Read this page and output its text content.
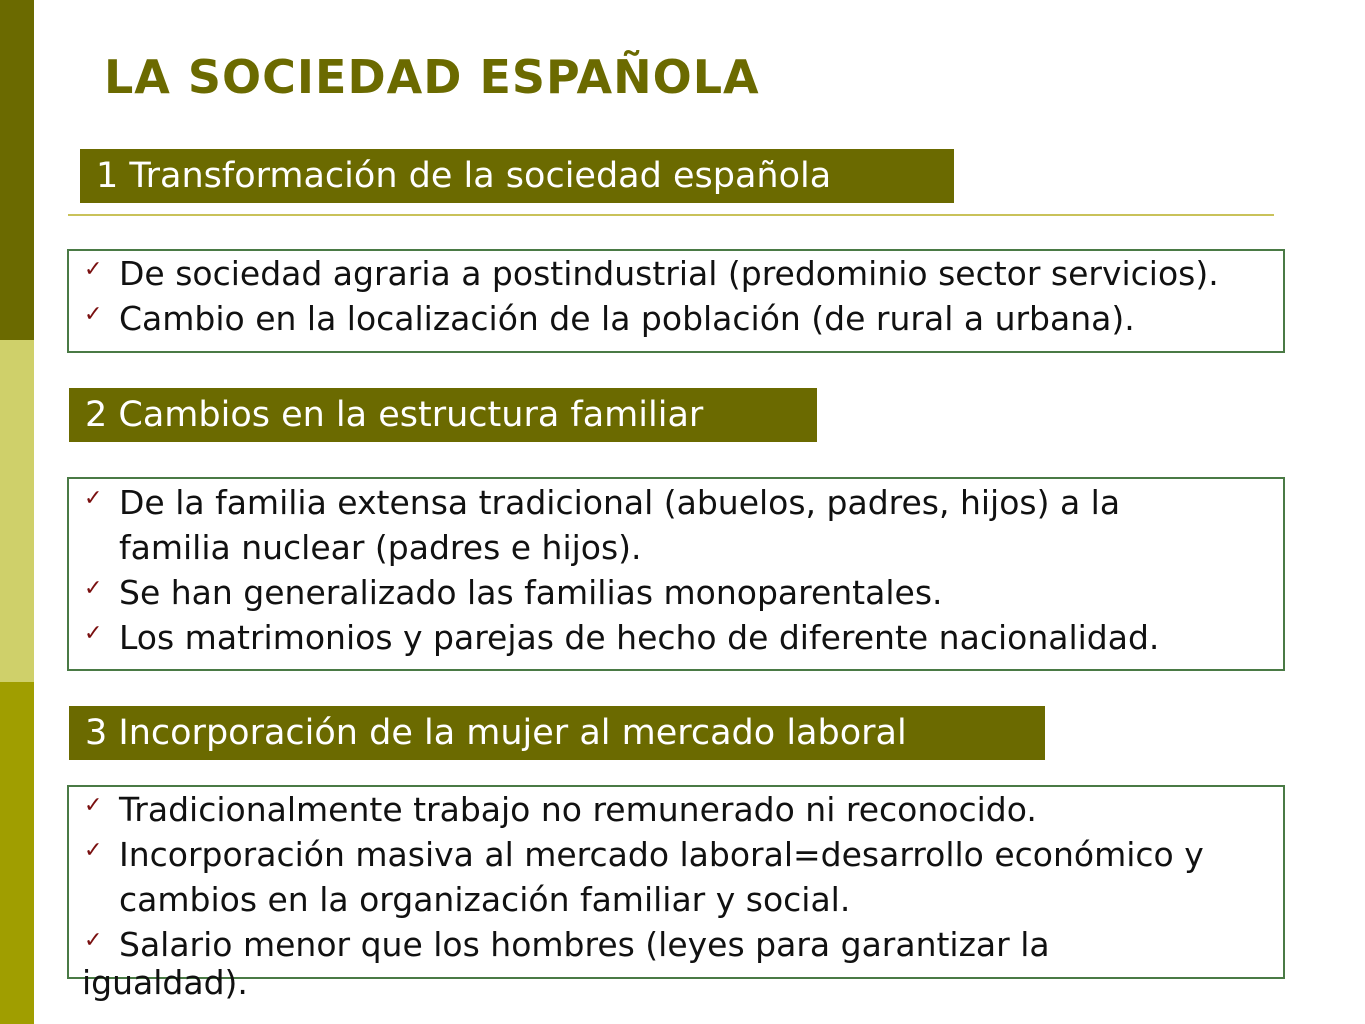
LA SOCIEDAD ESPAÑOLA
1 Transformación de la sociedad española
✓ De sociedad agraria a postindustrial (predominio sector servicios).
✓ Cambio en la localización de la población (de rural a urbana).
2 Cambios en la estructura familiar
✓ De la familia extensa tradicional (abuelos, padres, hijos) a la
familia nuclear (padres e hijos).
✓ Se han generalizado las familias monoparentales.
✓ Los matrimonios y parejas de hecho de diferente nacionalidad.
3 Incorporación de la mujer al mercado laboral
✓ Tradicionalmente trabajo no remunerado ni reconocido.
✓ Incorporación masiva al mercado laboral=desarrollo económico y
cambios en la organización familiar y social.
✓ Salario menor que los hombres (leyes para garantizar la

igualdad).
